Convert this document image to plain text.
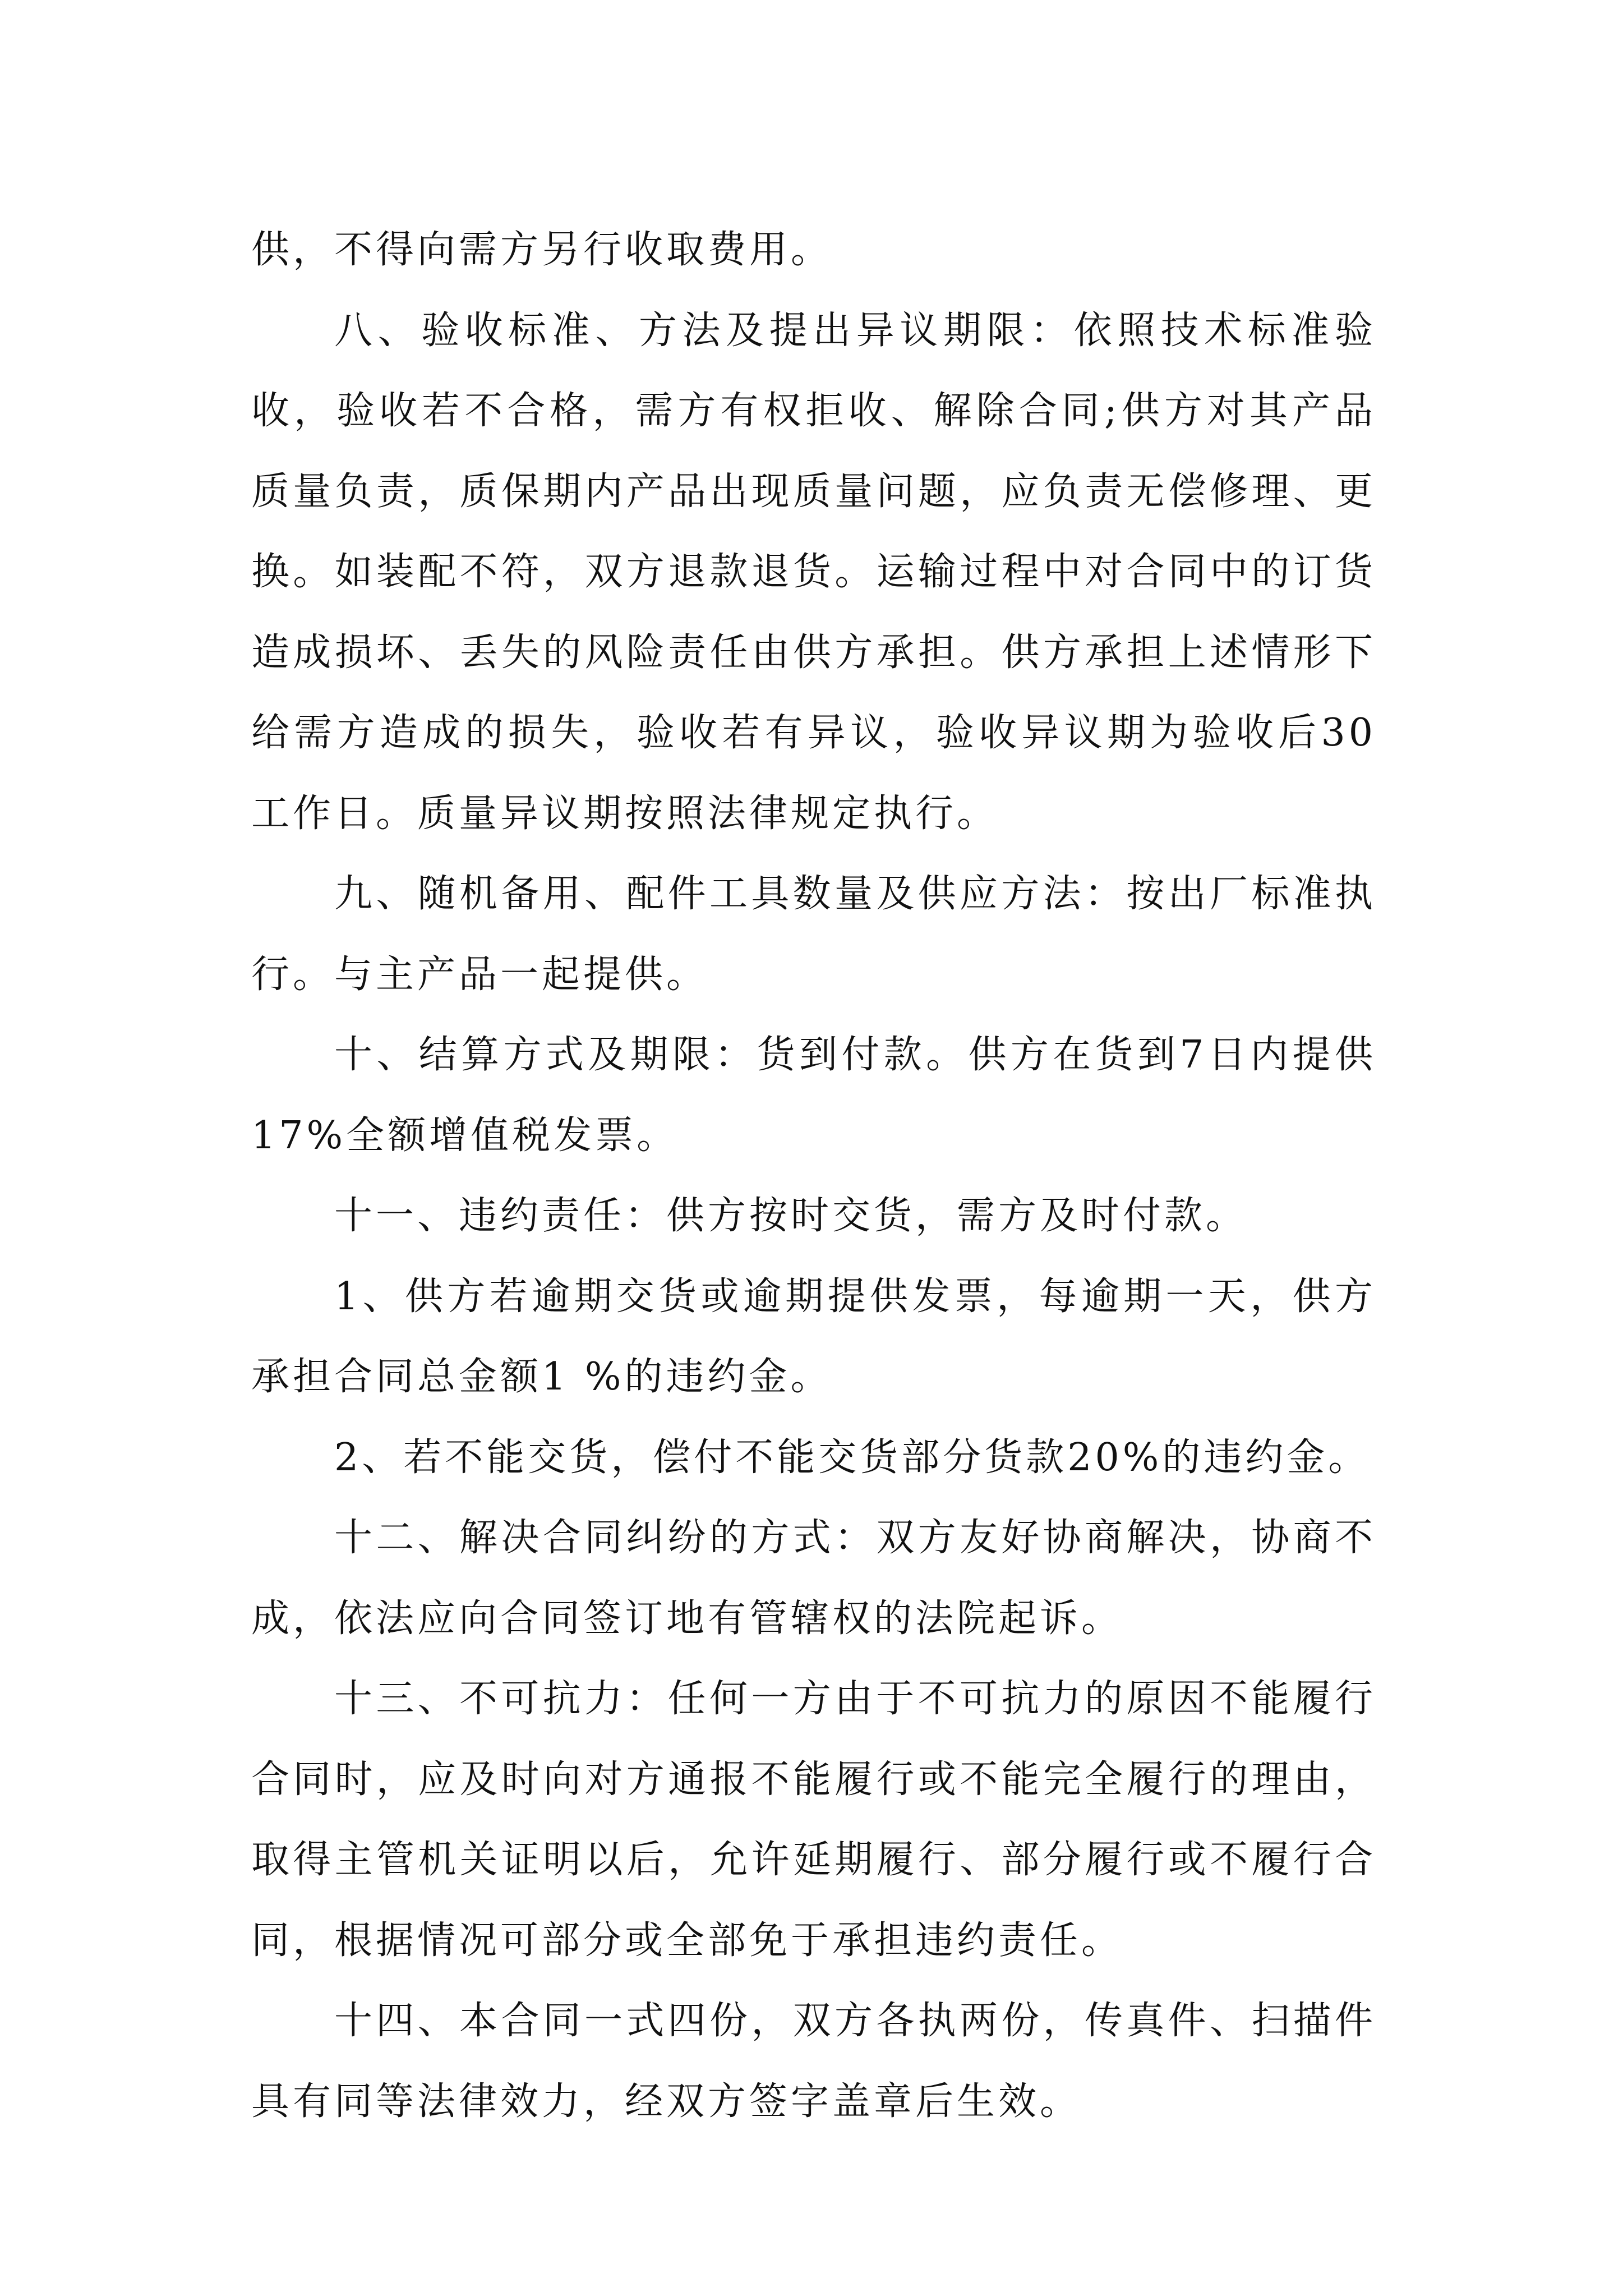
供，不得向需方另行收取费用。

八、验收标准、方法及提出异议期限：依照技术标准验收，验收若不合格，需方有权拒收、解除合同;供方对其产品质量负责，质保期内产品出现质量问题，应负责无偿修理、更换。如装配不符，双方退款退货。运输过程中对合同中的订货造成损坏、丢失的风险责任由供方承担。供方承担上述情形下给需方造成的损失，验收若有异议，验收异议期为验收后30工作日。质量异议期按照法律规定执行。

九、随机备用、配件工具数量及供应方法：按出厂标准执行。与主产品一起提供。

十、结算方式及期限：货到付款。供方在货到7日内提供17%全额增值税发票。

十一、违约责任：供方按时交货，需方及时付款。

1、供方若逾期交货或逾期提供发票，每逾期一天，供方承担合同总金额1 %的违约金。

2、若不能交货，偿付不能交货部分货款20%的违约金。

十二、解决合同纠纷的方式：双方友好协商解决，协商不成，依法应向合同签订地有管辖权的法院起诉。

十三、不可抗力：任何一方由于不可抗力的原因不能履行合同时，应及时向对方通报不能履行或不能完全履行的理由，取得主管机关证明以后，允许延期履行、部分履行或不履行合同，根据情况可部分或全部免于承担违约责任。

十四、本合同一式四份，双方各执两份，传真件、扫描件具有同等法律效力，经双方签字盖章后生效。
